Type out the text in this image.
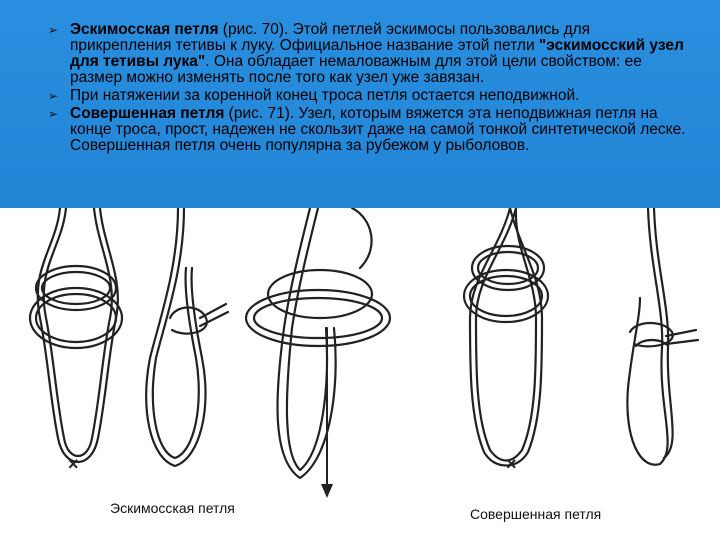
➢ Эскимосская петля (рис. 70). Этой петлей эскимосы пользовались для прикрепления тетивы к луку. Официальное название этой петли "эскимосский узел для тетивы лука". Она обладает немаловажным для этой цели свойством: ее размер можно изменять после того как узел уже завязан.
➢ При натяжении за коренной конец троса петля остается неподвижной.
➢ Совершенная петля (рис. 71). Узел, которым вяжется эта неподвижная петля на конце троса, прост, надежен не скользит даже на самой тонкой синтетической леске. Совершенная петля очень популярна за рубежом у рыболовов.
×	×
Эскимосская петля	Совершенная петля
